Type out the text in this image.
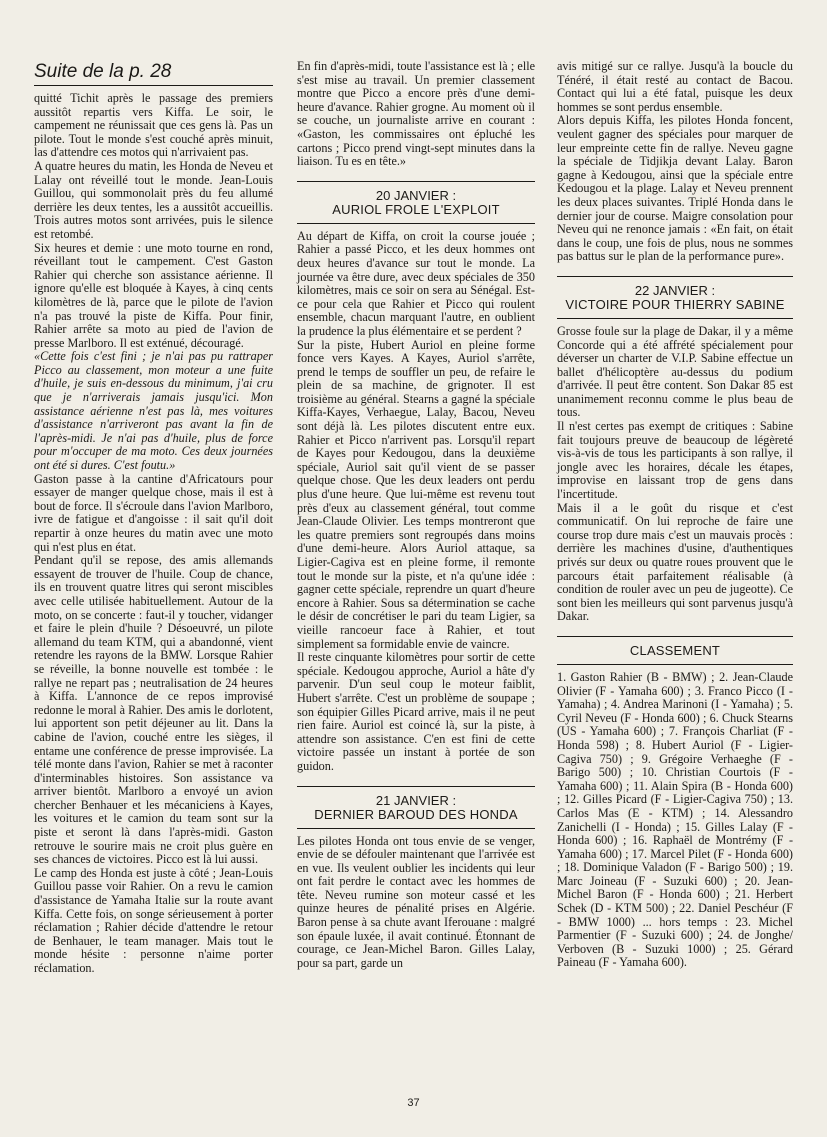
Suite de la p. 28

quitté Tichit après le passage des premiers aussitôt repartis vers Kiffa. Le soir, le campement ne réunissait que ces gens là. Pas un pilote. Tout le monde s'est couché après minuit, las d'attendre ces motos qui n'arrivaient pas.

A quatre heures du matin, les Honda de Neveu et Lalay ont réveillé tout le monde. Jean-Louis Guillou, qui sommonolait près du feu allumé derrière les deux tentes, les a aussitôt accueillis. Trois autres motos sont arrivées, puis le silence est retombé.

Six heures et demie : une moto tourne en rond, réveillant tout le campement. C'est Gaston Rahier qui cherche son assistance aérienne. Il ignore qu'elle est bloquée à Kayes, à cinq cents kilomètres de là, parce que le pilote de l'avion n'a pas trouvé la piste de Kiffa. Pour finir, Rahier arrête sa moto au pied de l'avion de presse Marlboro. Il est exténué, découragé.

«Cette fois c'est fini ; je n'ai pas pu rattraper Picco au classement, mon moteur a une fuite d'huile, je suis en-dessous du minimum, j'ai cru que je n'arriverais jamais jusqu'ici. Mon assistance aérienne n'est pas là, mes voitures d'assistance n'arriveront pas avant la fin de l'après-midi. Je n'ai pas d'huile, plus de force pour m'occuper de ma moto. Ces deux journées ont été si dures. C'est foutu.»

Gaston passe à la cantine d'Africatours pour essayer de manger quelque chose, mais il est à bout de force. Il s'écroule dans l'avion Marlboro, ivre de fatigue et d'angoisse : il sait qu'il doit repartir à onze heures du matin avec une moto qui n'est plus en état.

Pendant qu'il se repose, des amis allemands essayent de trouver de l'huile. Coup de chance, ils en trouvent quatre litres qui seront miscibles avec celle utilisée habituellement. Autour de la moto, on se concerte : faut-il y toucher, vidanger et faire le plein d'huile ? Désoeuvré, un pilote allemand du team KTM, qui a abandonné, vient retendre les rayons de la BMW. Lorsque Rahier se réveille, la bonne nouvelle est tombée : le rallye ne repart pas ; neutralisation de 24 heures à Kiffa. L'annonce de ce repos improvisé redonne le moral à Rahier. Des amis le dorlotent, lui apportent son petit déjeuner au lit. Dans la cabine de l'avion, couché entre les sièges, il entame une conférence de presse improvisée. La télé monte dans l'avion, Rahier se met à raconter d'interminables histoires. Son assistance va arriver bientôt. Marlboro a envoyé un avion chercher Benhauer et les mécaniciens à Kayes, les voitures et le camion du team sont sur la piste et seront là dans l'après-midi. Gaston retrouve le sourire mais ne croit plus guère en ses chances de victoires. Picco est là lui aussi.

Le camp des Honda est juste à côté ; Jean-Louis Guillou passe voir Rahier. On a revu le camion d'assistance de Yamaha Italie sur la route avant Kiffa. Cette fois, on songe sérieusement à porter réclamation ; Rahier décide d'attendre le retour de Benhauer, le team manager. Mais tout le monde hésite : personne n'aime porter réclamation.

En fin d'après-midi, toute l'assistance est là ; elle s'est mise au travail. Un premier classement montre que Picco a encore près d'une demi-heure d'avance. Rahier grogne. Au moment où il se couche, un journaliste arrive en courant : «Gaston, les commissaires ont épluché les cartons ; Picco prend vingt-sept minutes dans la liaison. Tu es en tête.»

20 JANVIER :
AURIOL FROLE L'EXPLOIT

Au départ de Kiffa, on croit la course jouée ; Rahier a passé Picco, et les deux hommes ont deux heures d'avance sur tout le monde. La journée va être dure, avec deux spéciales de 350 kilomètres, mais ce soir on sera au Sénégal. Est-ce pour cela que Rahier et Picco qui roulent ensemble, chacun marquant l'autre, en oublient la prudence la plus élémentaire et se perdent ?

Sur la piste, Hubert Auriol en pleine forme fonce vers Kayes. A Kayes, Auriol s'arrête, prend le temps de souffler un peu, de refaire le plein de sa machine, de grignoter. Il est troisième au général. Stearns a gagné la spéciale Kiffa-Kayes, Verhaegue, Lalay, Bacou, Neveu sont déjà là. Les pilotes discutent entre eux. Rahier et Picco n'arrivent pas. Lorsqu'il repart de Kayes pour Kedougou, dans la deuxième spéciale, Auriol sait qu'il vient de se passer quelque chose. Que les deux leaders ont perdu plus d'une heure. Que lui-même est revenu tout près d'eux au classement général, tout comme Jean-Claude Olivier. Les temps montreront que les quatre premiers sont regroupés dans moins d'une demi-heure. Alors Auriol attaque, sa Ligier-Cagiva est en pleine forme, il remonte tout le monde sur la piste, et n'a qu'une idée : gagner cette spéciale, reprendre un quart d'heure encore à Rahier. Sous sa détermination se cache le désir de concrétiser le pari du team Ligier, sa vieille rancoeur face à Rahier, et tout simplement sa formidable envie de vaincre.

Il reste cinquante kilomètres pour sortir de cette spéciale. Kedougou approche, Auriol a hâte d'y parvenir. D'un seul coup le moteur faiblit, Hubert s'arrête. C'est un problème de soupape ; son équipier Gilles Picard arrive, mais il ne peut rien faire. Auriol est coincé là, sur la piste, à attendre son assistance. C'en est fini de cette victoire passée un instant à portée de son guidon.

21 JANVIER :
DERNIER BAROUD DES HONDA

Les pilotes Honda ont tous envie de se venger, envie de se défouler maintenant que l'arrivée est en vue. Ils veulent oublier les incidents qui leur ont fait perdre le contact avec les hommes de tête. Neveu rumine son moteur cassé et les quinze heures de pénalité prises en Algérie. Baron pense à sa chute avant Iferouane : malgré son épaule luxée, il avait continué. Étonnant de courage, ce Jean-Michel Baron. Gilles Lalay, pour sa part, garde un

avis mitigé sur ce rallye. Jusqu'à la boucle du Ténéré, il était resté au contact de Bacou. Contact qui lui a été fatal, puisque les deux hommes se sont perdus ensemble.

Alors depuis Kiffa, les pilotes Honda foncent, veulent gagner des spéciales pour marquer de leur empreinte cette fin de rallye. Neveu gagne la spéciale de Tidjikja devant Lalay. Baron gagne à Kedougou, ainsi que la spéciale entre Kedougou et la plage. Lalay et Neveu prennent les deux places suivantes. Triplé Honda dans le dernier jour de course. Maigre consolation pour Neveu qui ne renonce jamais : «En fait, on était dans le coup, une fois de plus, nous ne sommes pas battus sur le plan de la performance pure».

22 JANVIER :
VICTOIRE POUR THIERRY SABINE

Grosse foule sur la plage de Dakar, il y a même Concorde qui a été affrété spécialement pour déverser un charter de V.I.P. Sabine effectue un ballet d'hélicoptère au-dessus du podium d'arrivée. Il peut être content. Son Dakar 85 est unanimement reconnu comme le plus beau de tous.

Il n'est certes pas exempt de critiques : Sabine fait toujours preuve de beaucoup de légèreté vis-à-vis de tous les participants à son rallye, il jongle avec les horaires, décale les étapes, improvise en laissant trop de gens dans l'incertitude.

Mais il a le goût du risque et c'est communicatif. On lui reproche de faire une course trop dure mais c'est un mauvais procès : derrière les machines d'usine, d'authentiques privés sur deux ou quatre roues prouvent que le parcours était parfaitement réalisable (à condition de rouler avec un peu de jugeotte). Ce sont bien les meilleurs qui sont parvenus jusqu'à Dakar.

CLASSEMENT

1. Gaston Rahier (B - BMW) ; 2. Jean-Claude Olivier (F - Yamaha 600) ; 3. Franco Picco (I - Yamaha) ; 4. Andrea Marinoni (I - Yamaha) ; 5. Cyril Neveu (F - Honda 600) ; 6. Chuck Stearns (US - Yamaha 600) ; 7. François Charliat (F - Honda 598) ; 8. Hubert Auriol (F - Ligier-Cagiva 750) ; 9. Grégoire Verhaeghe (F - Barigo 500) ; 10. Christian Courtois (F - Yamaha 600) ; 11. Alain Spira (B - Honda 600) ; 12. Gilles Picard (F - Ligier-Cagiva 750) ; 13. Carlos Mas (E - KTM) ; 14. Alessandro Zanichelli (I - Honda) ; 15. Gilles Lalay (F - Honda 600) ; 16. Raphaël de Montrémy (F - Yamaha 600) ; 17. Marcel Pilet (F - Honda 600) ; 18. Dominique Valadon (F - Barigo 500) ; 19. Marc Joineau (F - Suzuki 600) ; 20. Jean-Michel Baron (F - Honda 600) ; 21. Herbert Schek (D - KTM 500) ; 22. Daniel Peschéur (F - BMW 1000) ... hors temps : 23. Michel Parmentier (F - Suzuki 600) ; 24. de Jonghe/ Verboven (B - Suzuki 1000) ; 25. Gérard Paineau (F - Yamaha 600).

37
